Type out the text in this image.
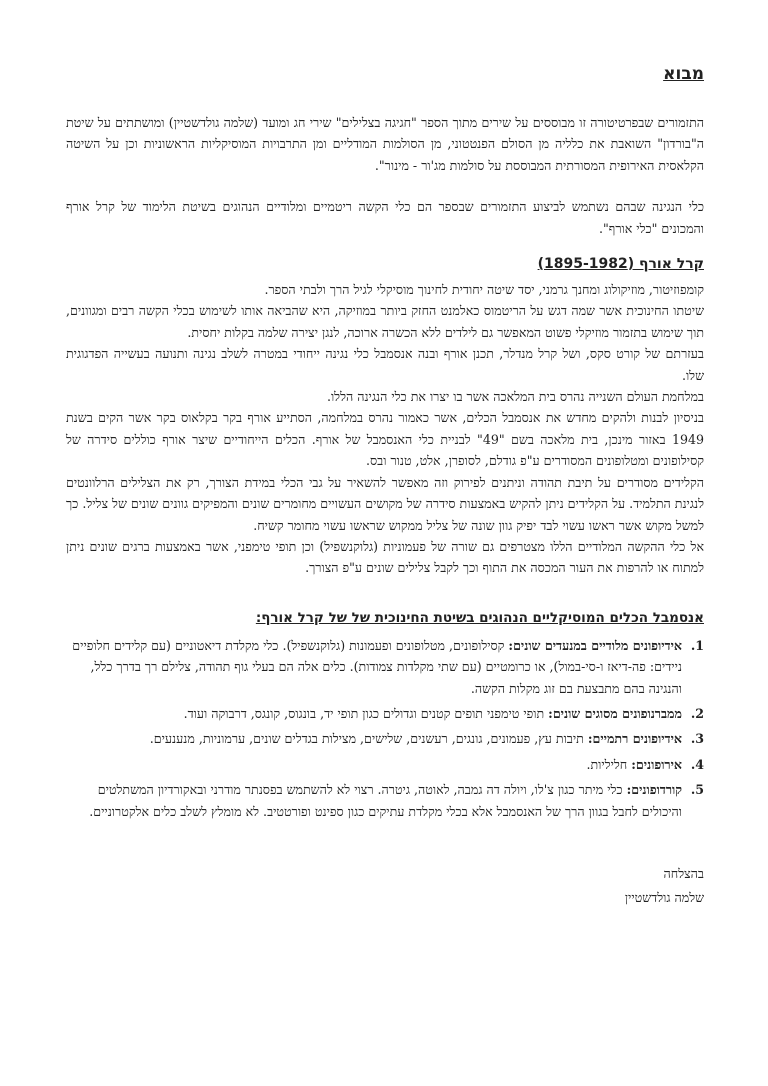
מבוא

התזמורים שבפרטיטורה זו מבוססים על שירים מתוך הספר "חגיגה בצלילים" שירי חג ומועד (שלמה גולדשטיין) ומושתתים על שיטת ה"בורדון" השואבת את כלליה מן הסולם הפנטטוני, מן הסולמות המודליים ומן התרבויות המוסיקליות הראשוניות וכן על השיטה הקלאסית האירופית המסורתית המבוססת על סולמות מג'ור - מינור".

כלי הנגינה שבהם נשתמש לביצוע התזמורים שבספר הם כלי הקשה ריטמיים ומלודיים הנהוגים בשיטת הלימוד של קרל אורף והמכונים "כלי אורף".

קרל אורף (1895-1982)

קומפוזיטור, מוזיקולוג ומחנך גרמני, יסד שיטה יחודית לחינוך מוסיקלי לגיל הרך ולבתי הספר.

שיטתו החינוכית אשר שמה דגש על הריטמוס כאלמנט החזק ביותר במוזיקה, היא שהביאה אותו לשימוש בכלי הקשה רבים ומגוונים, תוך שימוש בתזמור מוזיקלי פשוט המאפשר גם לילדים ללא הכשרה ארוכה, לנגן יצירה שלמה בקלות יחסית.

בעזרתם של קורט סקס, ושל קרל מנדלר, תכנן אורף ובנה אנסמבל כלי נגינה ייחודי במטרה לשלב נגינה ותנועה בעשייה הפדגוגית שלו.

במלחמת העולם השנייה נהרס בית המלאכה אשר בו יצרו את כלי הנגינה הללו.

בניסיון לבנות ולהקים מחדש את אנסמבל הכלים, אשר כאמור נהרס במלחמה, הסתייע אורף בקר בקלאוס בקר אשר הקים בשנת 1949 באזור מינכן, בית מלאכה בשם "49" לבניית כלי האנסמבל של אורף. הכלים הייחודיים שיצר אורף כוללים סידרה של קסילופונים ומטלופונים המסודרים ע"פ גודלם, לסופרן, אלט, טנור ובס.

הקלידים מסודרים על תיבת תהודה וניתנים לפירוק וזה מאפשר להשאיר על גבי הכלי במידת הצורך, רק את הצלילים הרלוונטים לנגינת התלמיד. על הקלידים ניתן להקיש באמצעות סידרה של מקושים העשויים מחומרים שונים והמפיקים גוונים שונים של צליל. כך למשל מקוש אשר ראשו עשוי לבד יפיק גוון שונה של צליל ממקוש שראשו עשוי מחומר קשיח.

אל כלי ההקשה המלודיים הללו מצטרפים גם שורה של פעמוניות (גלוקנשפיל) וכן תופי טימפני, אשר באמצעות ברגים שונים ניתן למתוח או להרפות את העור המכסה את התוף וכך לקבל צלילים שונים ע"פ הצורך.

אנסמבל הכלים המוסיקליים הנהוגים בשיטת החינוכית של של קרל אורף:
1.
אידיופונים מלודיים במנעדים שונים: קסילופונים, מטלופונים ופעמונות (גלוקנשפיל). כלי מקלדת דיאטוניים (עם קלידים חלופיים ניידים: פה-דיאז ו-סי-במול), או כרומטיים (עם שתי מקלדות צמודות). כלים אלה הם בעלי גוף תהודה, צלילם רך בדרך כלל, והנגינה בהם מתבצעת בם זוג מקלות הקשה.
2.
ממברנופונים מסוגים שונים: תופי טימפני תופים קטנים וגדולים כגון תופי יד, בונגוס, קונגס, דרבוקה ועוד.
3.
אידיופונים רתמיים: תיבות עץ, פעמונים, גונגים, רעשנים, שלישים, מצילות בגדלים שונים, ערמוניות, מנענעים.
4.
אירופונים: חליליות.
5.
קורדופונים: כלי מיתר כגון צ'לו, ויולה דה גמבה, לאוטה, גיטרה. רצוי לא להשתמש בפסנתר מודרני ובאקורדיון המשתלטים והיכולים לחבל בגוון הרך של האנסמבל אלא בכלי מקלדת עתיקים כגון ספינט ופורטטיב. לא מומלץ לשלב כלים אלקטרוניים.
בהצלחה
שלמה גולדשטיין
